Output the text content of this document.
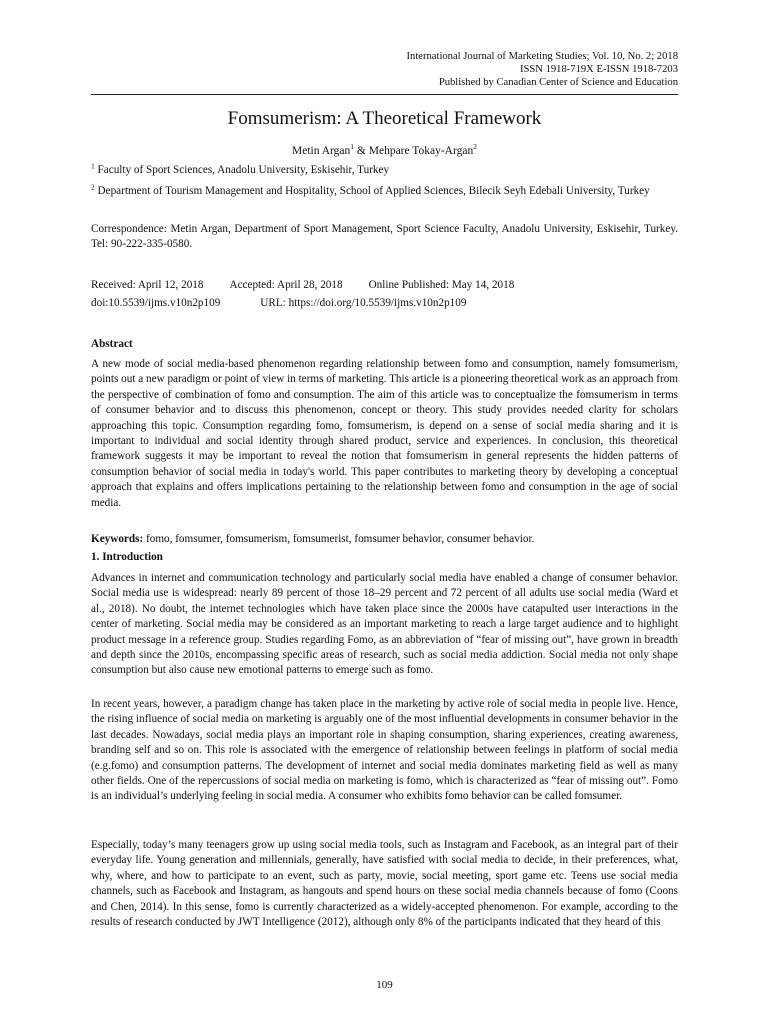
International Journal of Marketing Studies; Vol. 10, No. 2; 2018
ISSN 1918-719X E-ISSN 1918-7203
Published by Canadian Center of Science and Education
Fomsumerism: A Theoretical Framework
Metin Argan$^1$ & Mehpare Tokay-Argan$^2$
$^1$ Faculty of Sport Sciences, Anadolu University, Eskisehir, Turkey
$^2$ Department of Tourism Management and Hospitality, School of Applied Sciences, Bilecik Seyh Edebali University, Turkey
Correspondence: Metin Argan, Department of Sport Management, Sport Science Faculty, Anadolu University, Eskisehir, Turkey. Tel: 90-222-335-0580.
Received: April 12, 2018 Accepted: April 28, 2018 Online Published: May 14, 2018
doi:10.5539/ijms.v10n2p109	URL: https://doi.org/10.5539/ijms.v10n2p109
Abstract
A new mode of social media-based phenomenon regarding relationship between fomo and consumption, namely fomsumerism, points out a new paradigm or point of view in terms of marketing. This article is a pioneering theoretical work as an approach from the perspective of combination of fomo and consumption. The aim of this article was to conceptualize the fomsumerism in terms of consumer behavior and to discuss this phenomenon, concept or theory. This study provides needed clarity for scholars approaching this topic. Consumption regarding fomo, fomsumerism, is depend on a sense of social media sharing and it is important to individual and social identity through shared product, service and experiences. In conclusion, this theoretical framework suggests it may be important to reveal the notion that fomsumerism in general represents the hidden patterns of consumption behavior of social media in today's world. This paper contributes to marketing theory by developing a conceptual approach that explains and offers implications pertaining to the relationship between fomo and consumption in the age of social media.
Keywords: fomo, fomsumer, fomsumerism, fomsumerist, fomsumer behavior, consumer behavior.
1. Introduction
Advances in internet and communication technology and particularly social media have enabled a change of consumer behavior. Social media use is widespread: nearly 89 percent of those 18–29 percent and 72 percent of all adults use social media (Ward et al., 2018). No doubt, the internet technologies which have taken place since the 2000s have catapulted user interactions in the center of marketing. Social media may be considered as an important marketing to reach a large target audience and to highlight product message in a reference group. Studies regarding Fomo, as an abbreviation of “fear of missing out”, have grown in breadth and depth since the 2010s, encompassing specific areas of research, such as social media addiction. Social media not only shape consumption but also cause new emotional patterns to emerge such as fomo.
In recent years, however, a paradigm change has taken place in the marketing by active role of social media in people live. Hence, the rising influence of social media on marketing is arguably one of the most influential developments in consumer behavior in the last decades. Nowadays, social media plays an important role in shaping consumption, sharing experiences, creating awareness, branding self and so on. This role is associated with the emergence of relationship between feelings in platform of social media (e.g.fomo) and consumption patterns. The development of internet and social media dominates marketing field as well as many other fields. One of the repercussions of social media on marketing is fomo, which is characterized as “fear of missing out”. Fomo is an individual’s underlying feeling in social media. A consumer who exhibits fomo behavior can be called fomsumer.
Especially, today’s many teenagers grow up using social media tools, such as Instagram and Facebook, as an integral part of their everyday life. Young generation and millennials, generally, have satisfied with social media to decide, in their preferences, what, why, where, and how to participate to an event, such as party, movie, social meeting, sport game etc. Teens use social media channels, such as Facebook and Instagram, as hangouts and spend hours on these social media channels because of fomo (Coons and Chen, 2014). In this sense, fomo is currently characterized as a widely-accepted phenomenon. For example, according to the results of research conducted by JWT Intelligence (2012), although only 8% of the participants indicated that they heard of this
109
